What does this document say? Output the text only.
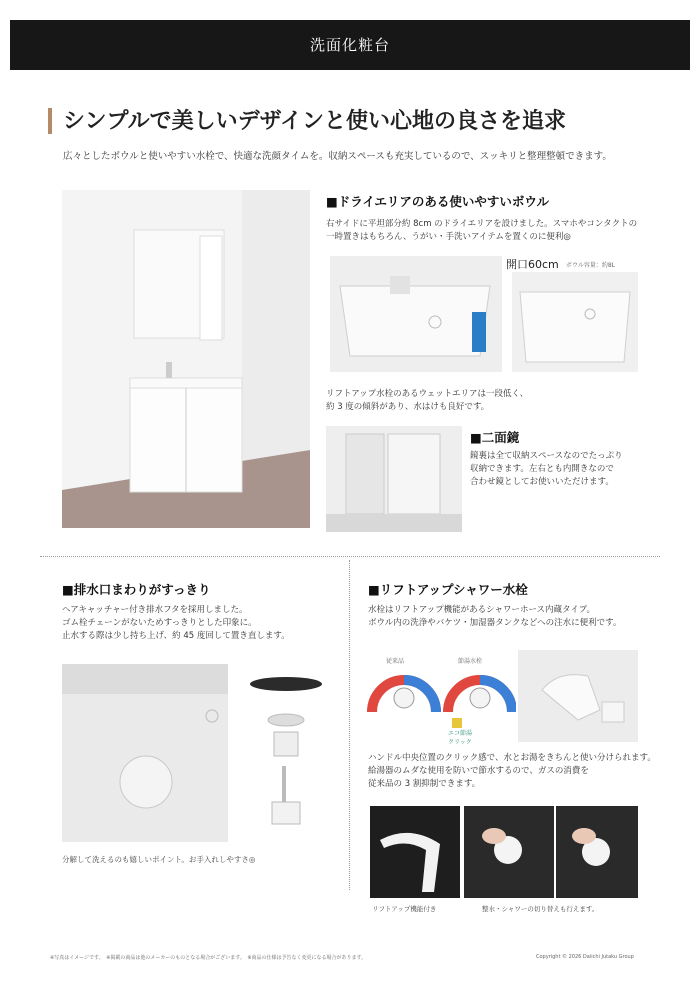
洗面化粧台
シンプルで美しいデザインと使い心地の良さを追求
広々としたボウルと使いやすい水栓で、快適な洗顔タイムを。収納スペースも充実しているので、スッキリと整理整頓できます。
■ドライエリアのある使いやすいボウル
右サイドに平坦部分約 8cm のドライエリアを設けました。スマホやコンタクトの
一時置きはもちろん、うがい・手洗いアイテムを置くのに便利◎
開口60cm ボウル容量：約8L
リフトアップ水栓のあるウェットエリアは一段低く、
約 3 度の傾斜があり、水はけも良好です。
■二面鏡
鏡裏は全て収納スペースなのでたっぷり
収納できます。左右とも内開きなので
合わせ鏡としてお使いいただけます。
■排水口まわりがすっきり
ヘアキャッチャー付き排水フタを採用しました。
ゴム栓チェーンがないためすっきりとした印象に。
止水する際は少し持ち上げ、約 45 度回して置き直します。
分解して洗えるのも嬉しいポイント。お手入れしやすさ◎
■リフトアップシャワー水栓
水栓はリフトアップ機能があるシャワーホース内蔵タイプ。
ボウル内の洗浄やバケツ・加湿器タンクなどへの注水に便利です。
従来品	節湯水栓
エコ節湯
クリック
ハンドル中央位置のクリック感で、水とお湯をきちんと使い分けられます。
給湯器のムダな使用を防いで節水するので、ガスの消費を
従来品の 3 割抑制できます。
リフトアップ機能付き	整水・シャワーの切り替えも行えます。
※写真はイメージです。　※掲載の商品は他のメーカーのものとなる場合がございます。　※商品の仕様は予告なく変更になる場合があります。	Copyright © 2026 Daiichi Jutaku Group
